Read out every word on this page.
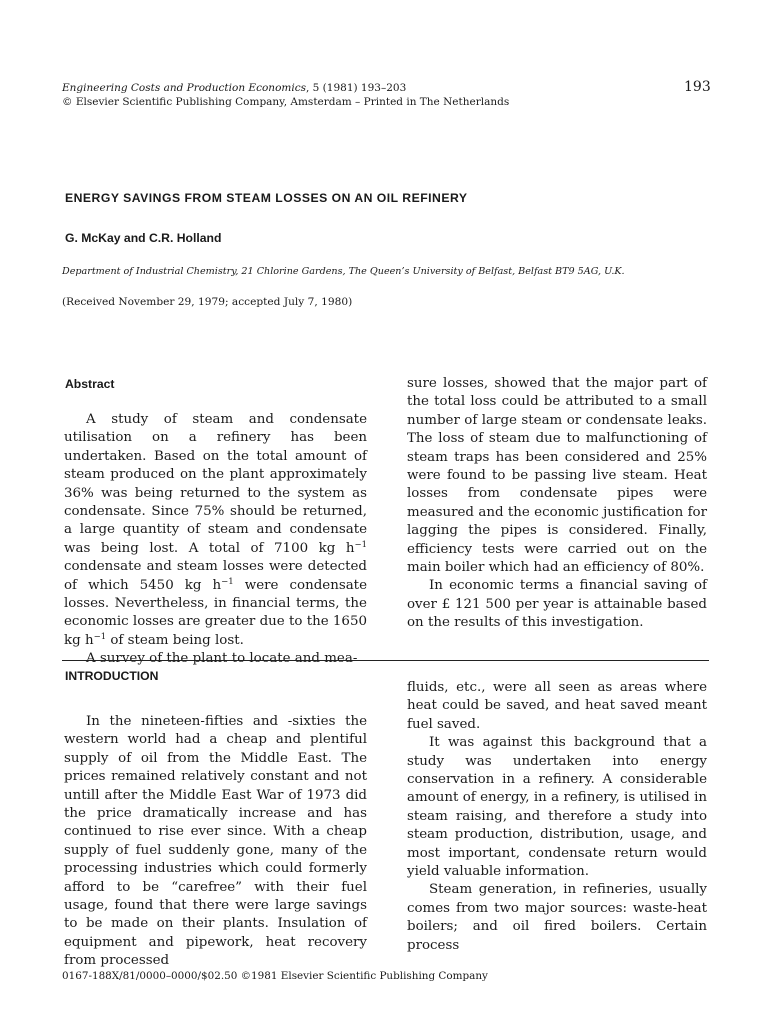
Engineering Costs and Production Economics, 5 (1981) 193–203
© Elsevier Scientific Publishing Company, Amsterdam – Printed in The Netherlands
193
ENERGY SAVINGS FROM STEAM LOSSES ON AN OIL REFINERY
G. McKay and C.R. Holland
Department of Industrial Chemistry, 21 Chlorine Gardens, The Queen’s University of Belfast, Belfast BT9 5AG, U.K.
(Received November 29, 1979; accepted July 7, 1980)
Abstract

A study of steam and condensate utilisation on a refinery has been undertaken. Based on the total amount of steam produced on the plant approximately 36% was being returned to the system as condensate. Since 75% should be returned, a large quantity of steam and condensate was being lost. A total of 7100 kg $h^{-1}$ condensate and steam losses were detected of which 5450 kg $h^{-1}$ were condensate losses. Nevertheless, in financial terms, the economic losses are greater due to the 1650 kg $h^{-1}$ of steam being lost.

A survey of the plant to locate and mea-

sure losses, showed that the major part of the total loss could be attributed to a small number of large steam or condensate leaks. The loss of steam due to malfunctioning of steam traps has been considered and 25% were found to be passing live steam. Heat losses from condensate pipes were measured and the economic justification for lagging the pipes is considered. Finally, efficiency tests were carried out on the main boiler which had an efficiency of 80%.

In economic terms a financial saving of over £ 121 500 per year is attainable based on the results of this investigation.

INTRODUCTION

In the nineteen-fifties and -sixties the western world had a cheap and plentiful supply of oil from the Middle East. The prices remained relatively constant and not untill after the Middle East War of 1973 did the price dramatically increase and has continued to rise ever since. With a cheap supply of fuel suddenly gone, many of the processing industries which could formerly afford to be “carefree” with their fuel usage, found that there were large savings to be made on their plants. Insulation of equipment and pipework, heat recovery from processed

fluids, etc., were all seen as areas where heat could be saved, and heat saved meant fuel saved.

It was against this background that a study was undertaken into energy conservation in a refinery. A considerable amount of energy, in a refinery, is utilised in steam raising, and therefore a study into steam production, distribution, usage, and most important, condensate return would yield valuable information.

Steam generation, in refineries, usually comes from two major sources: waste-heat boilers; and oil fired boilers. Certain process

0167-188X/81/0000–0000/$02.50 ©1981 Elsevier Scientific Publishing Company
